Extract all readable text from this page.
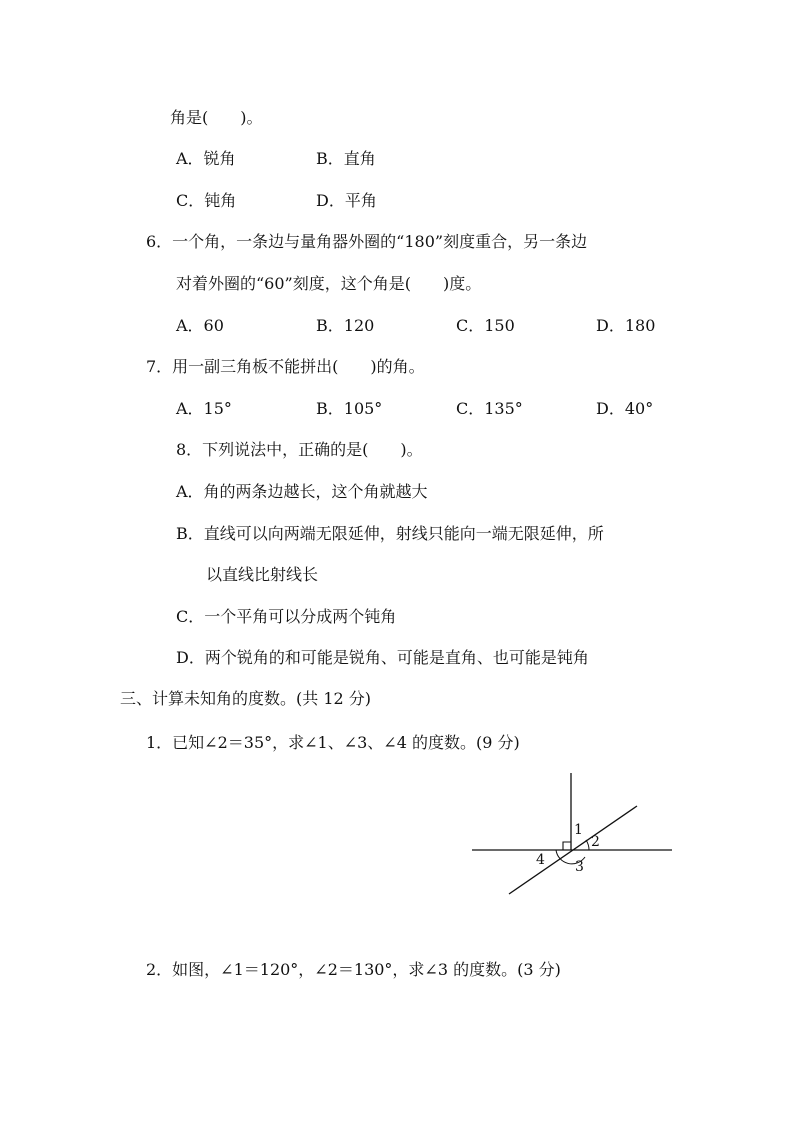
角是(　　)。
A．锐角	B．直角
C．钝角	D．平角
6．一个角，一条边与量角器外圈的“180”刻度重合，另一条边
对着外圈的“60”刻度，这个角是(　　)度。
A．60	B．120	C．150	D．180
7．用一副三角板不能拼出(　　)的角。
A．15°	B．105°	C．135°	D．40°
8．下列说法中，正确的是(　　)。
A．角的两条边越长，这个角就越大
B．直线可以向两端无限延伸，射线只能向一端无限延伸，所
以直线比射线长
C．一个平角可以分成两个钝角
D．两个锐角的和可能是锐角、可能是直角、也可能是钝角
三、计算未知角的度数。(共 12 分)
1．已知∠2＝35°，求∠1、∠3、∠4 的度数。(9 分)
1
2
3
4
2．如图，∠1＝120°，∠2＝130°，求∠3 的度数。(3 分)
